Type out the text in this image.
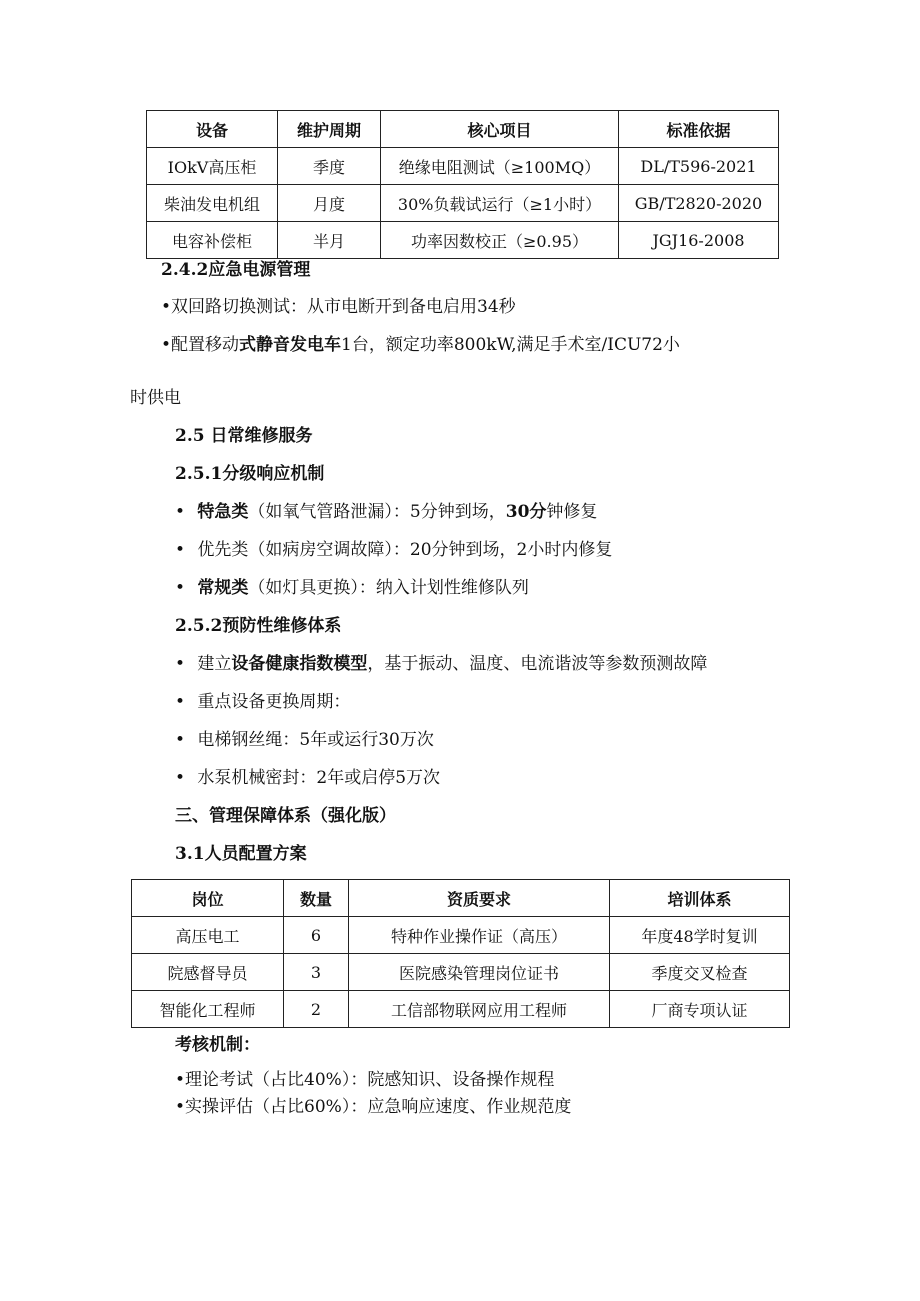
设备	维护周期	核心项目	标准依据
IOkV高压柜	季度	绝缘电阻测试（≥100MQ）	DL/T596-2021
柴油发电机组	月度	30%负载试运行（≥1小时）	GB/T2820-2020
电容补偿柜	半月	功率因数校正（≥0.95）	JGJ16-2008
2.4.2应急电源管理
•双回路切换测试：从市电断开到备电启用34秒
•配置移动式静音发电车1台，额定功率800kW,满足手术室/ICU72小
时供电
2.5 日常维修服务
2.5.1分级响应机制
• 特急类（如氧气管路泄漏）：5分钟到场，30分钟修复
• 优先类（如病房空调故障）：20分钟到场，2小时内修复
• 常规类（如灯具更换）：纳入计划性维修队列
2.5.2预防性维修体系
• 建立设备健康指数模型，基于振动、温度、电流谐波等参数预测故障
• 重点设备更换周期：
• 电梯钢丝绳：5年或运行30万次
• 水泵机械密封：2年或启停5万次
三、管理保障体系（强化版）
3.1人员配置方案
岗位	数量	资质要求	培训体系
高压电工	6	特种作业操作证（高压）	年度48学时复训
院感督导员	3	医院感染管理岗位证书	季度交叉检查
智能化工程师	2	工信部物联网应用工程师	厂商专项认证
考核机制：
•理论考试（占比40%）：院感知识、设备操作规程
•实操评估（占比60%）：应急响应速度、作业规范度
